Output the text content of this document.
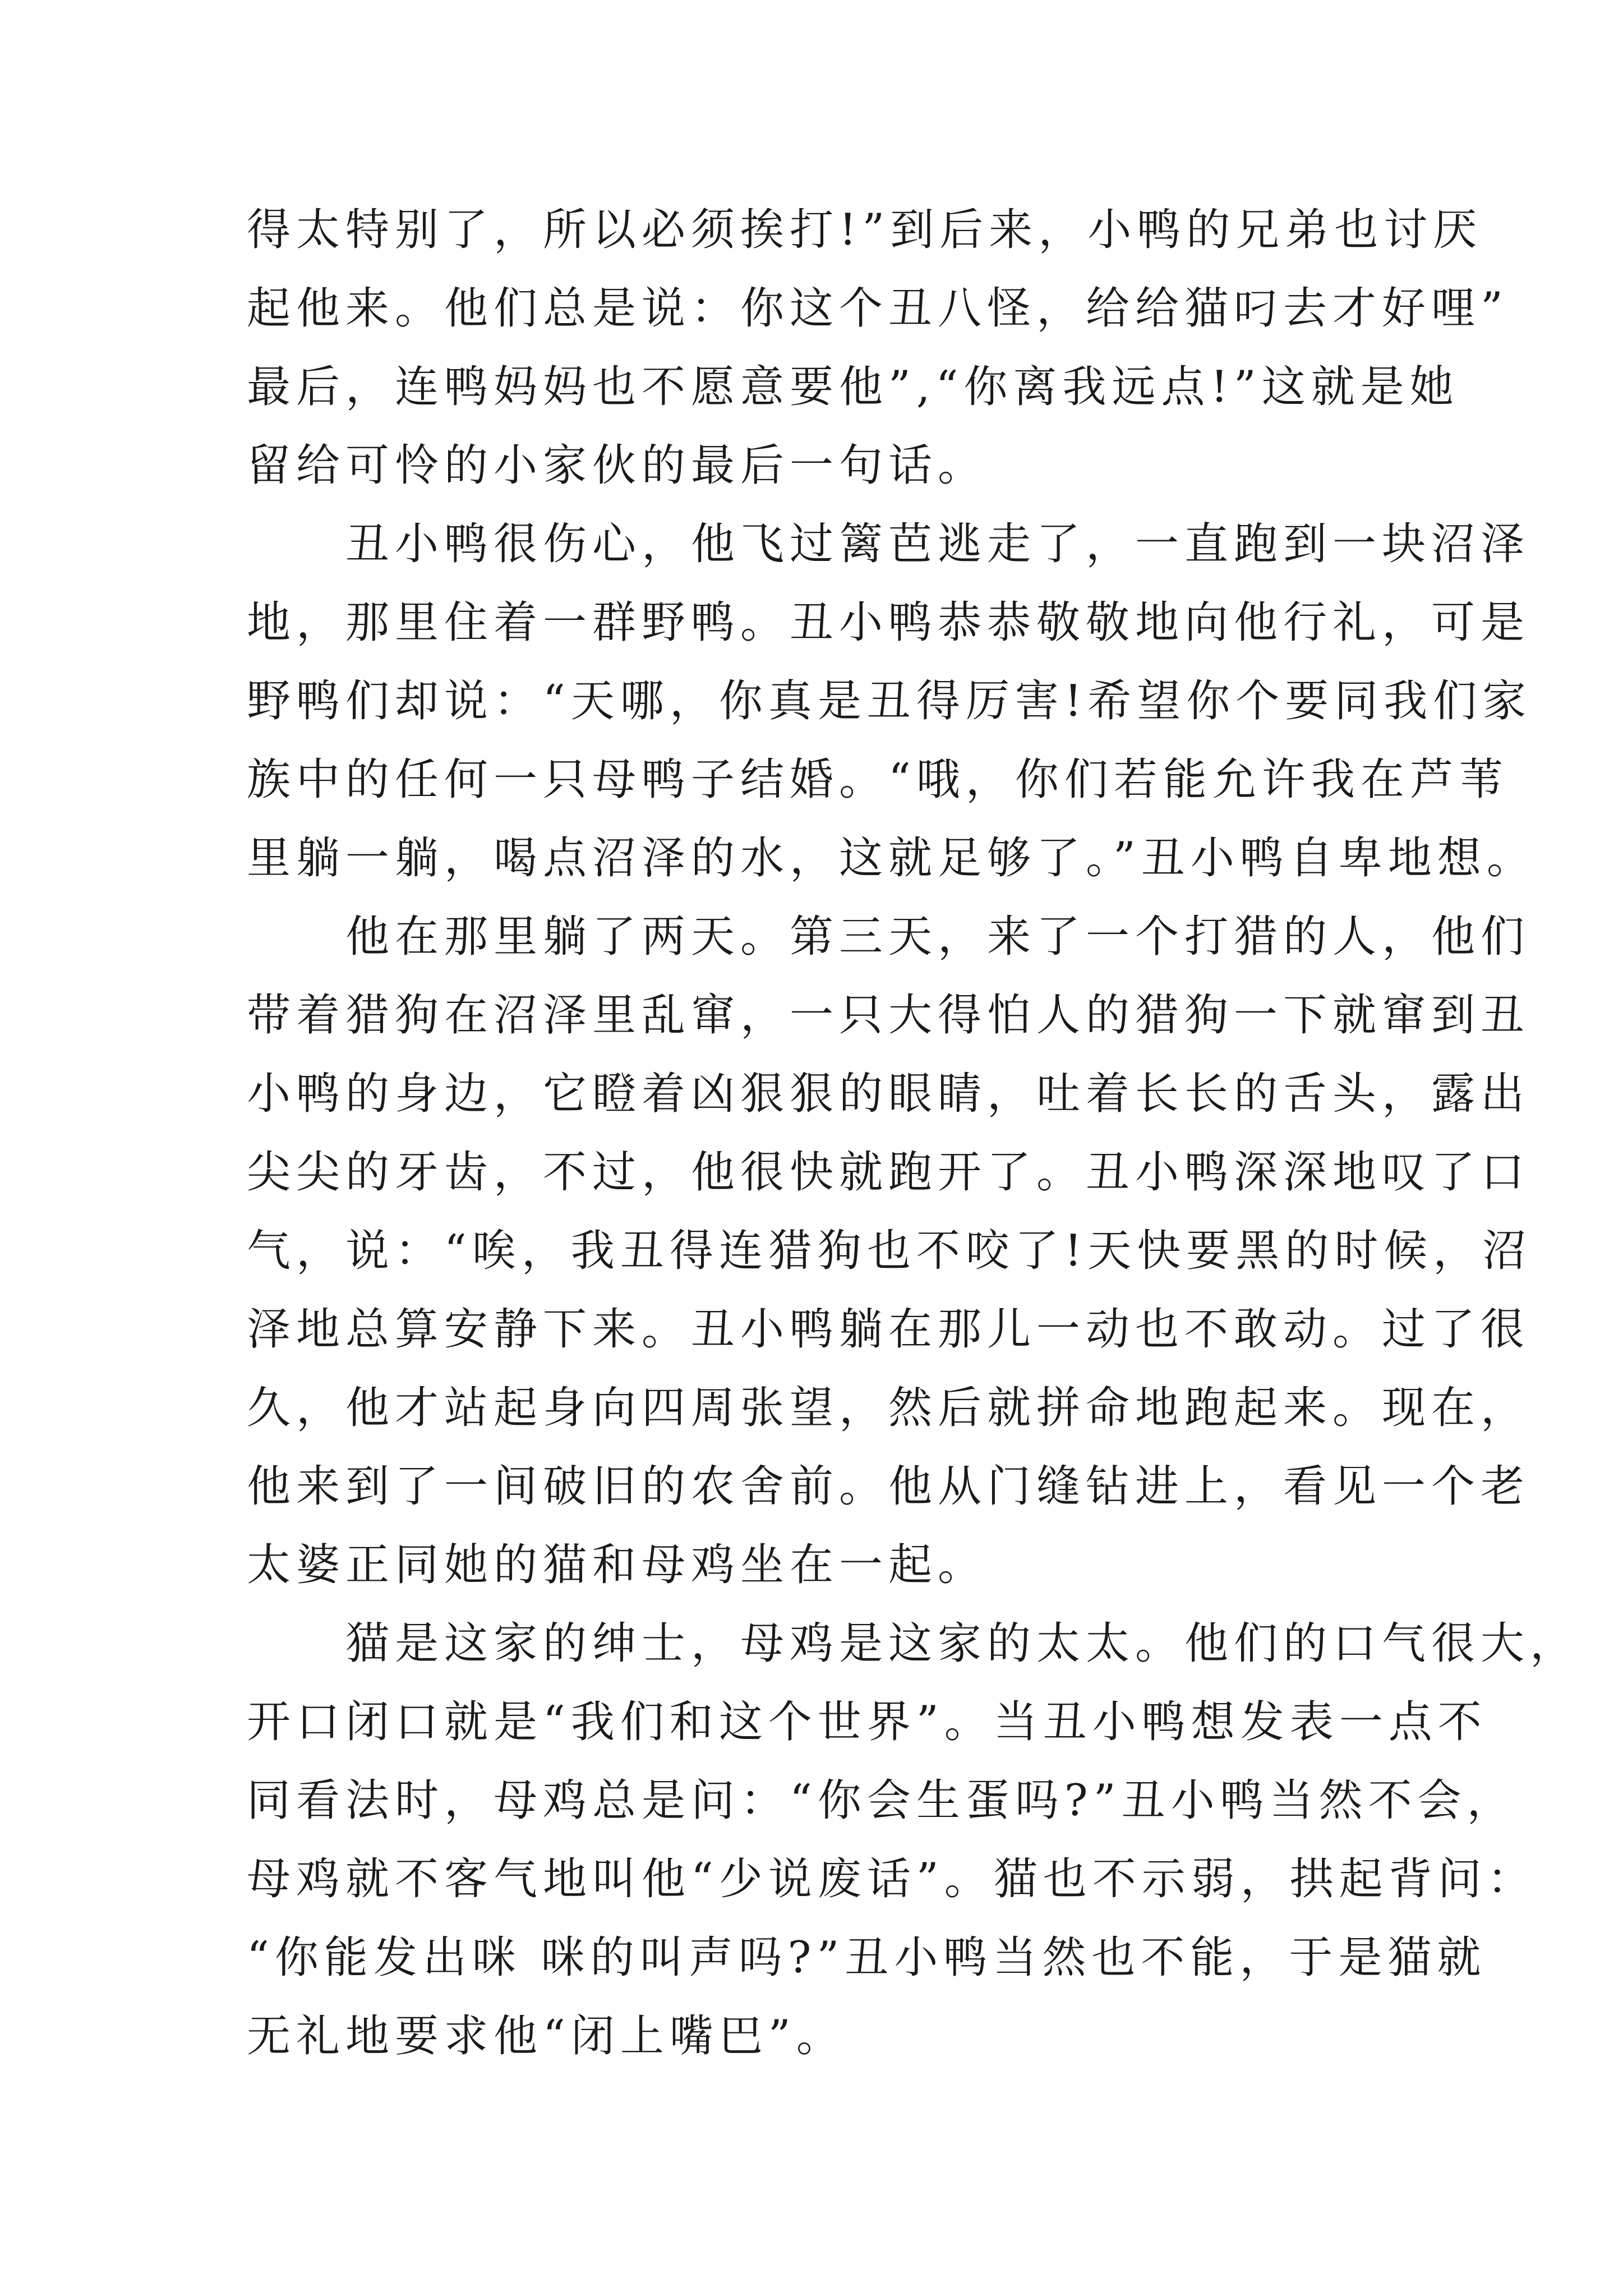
得太特别了，所以必须挨打!”到后来，小鸭的兄弟也讨厌
起他来。他们总是说：你这个丑八怪，给给猫叼去才好哩”
最后，连鸭妈妈也不愿意要他”,“你离我远点!”这就是她
留给可怜的小家伙的最后一句话。
　　丑小鸭很伤心，他飞过篱芭逃走了，一直跑到一块沼泽
地，那里住着一群野鸭。丑小鸭恭恭敬敬地向他行礼，可是
野鸭们却说：“天哪，你真是丑得厉害!希望你个要同我们家
族中的任何一只母鸭子结婚。“哦，你们若能允许我在芦苇
里躺一躺，喝点沼泽的水，这就足够了。”丑小鸭自卑地想。
　　他在那里躺了两天。第三天，来了一个打猎的人，他们
带着猎狗在沼泽里乱窜，一只大得怕人的猎狗一下就窜到丑
小鸭的身边，它瞪着凶狠狠的眼睛，吐着长长的舌头，露出
尖尖的牙齿，不过，他很快就跑开了。丑小鸭深深地叹了口
气，说：“唉，我丑得连猎狗也不咬了!天快要黑的时候，沼
泽地总算安静下来。丑小鸭躺在那儿一动也不敢动。过了很
久，他才站起身向四周张望，然后就拼命地跑起来。现在，
他来到了一间破旧的农舍前。他从门缝钻进上，看见一个老
太婆正同她的猫和母鸡坐在一起。
　　猫是这家的绅士，母鸡是这家的太太。他们的口气很大，
开口闭口就是“我们和这个世界”。当丑小鸭想发表一点不
同看法时，母鸡总是问：“你会生蛋吗?”丑小鸭当然不会，
母鸡就不客气地叫他“少说废话”。猫也不示弱，拱起背问：
“你能发出咪 咪的叫声吗?”丑小鸭当然也不能，于是猫就
无礼地要求他“闭上嘴巴”。
